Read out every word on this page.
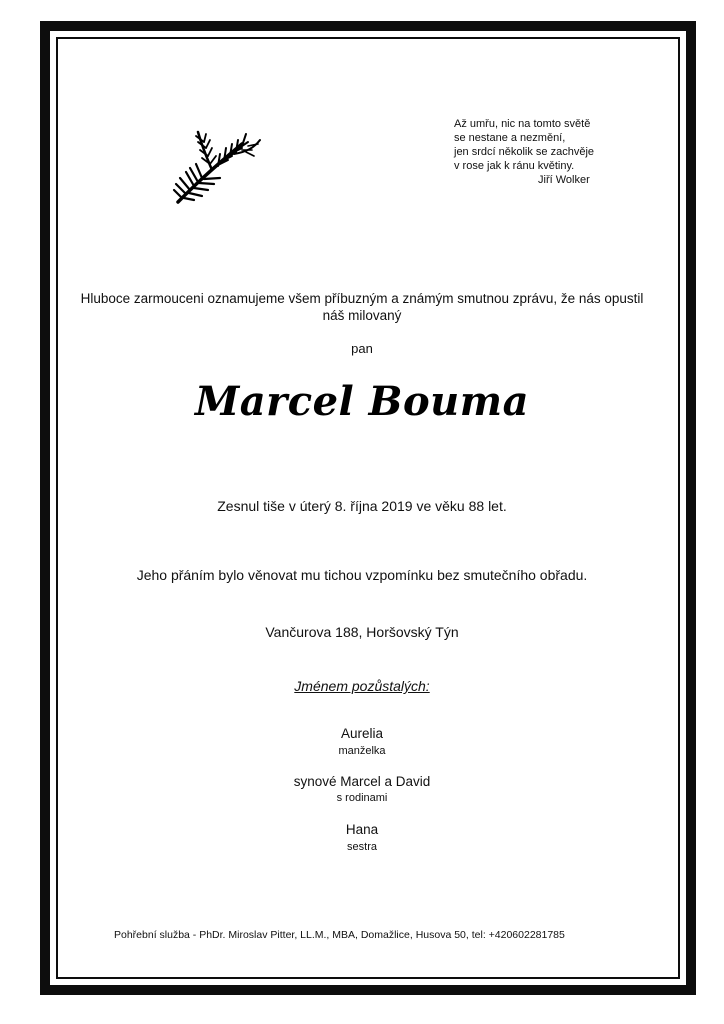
Až umřu, nic na tomto světě
se nestane a nezmění,
jen srdcí několik se zachvěje
v rose jak k ránu květiny.
Jiří Wolker
Hluboce zarmouceni oznamujeme všem příbuzným a známým smutnou zprávu, že nás opustil náš milovaný
pan
Marcel Bouma
Zesnul tiše v úterý 8. října 2019 ve věku 88 let.
Jeho přáním bylo věnovat mu tichou vzpomínku bez smutečního obřadu.
Vančurova 188, Horšovský Týn
Jménem pozůstalých:
Aurelia
manželka
synové Marcel a David
s rodinami
Hana
sestra
Pohřební služba - PhDr. Miroslav Pitter, LL.M., MBA, Domažlice, Husova 50, tel: +420602281785
